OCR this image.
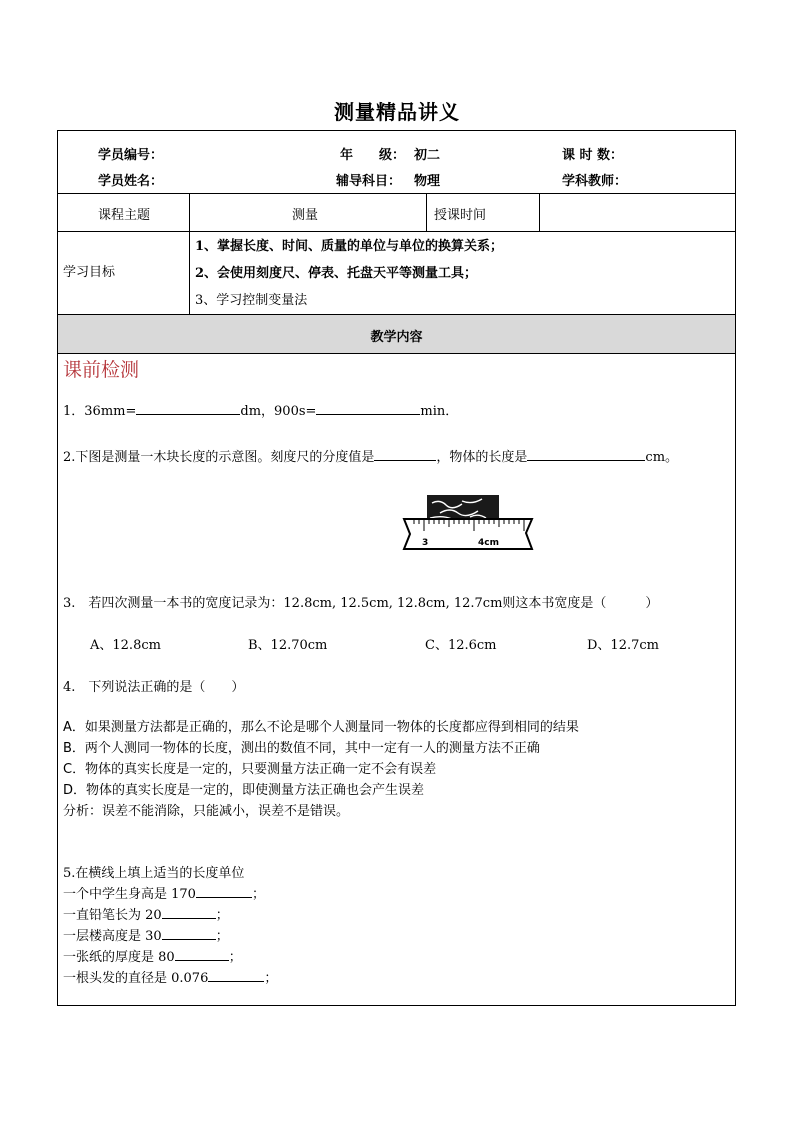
测量精品讲义
学员编号：	年　　级： 初二	课 时 数：
学员姓名：	辅导科目： 物理	学科教师：
课程主题	测量	授课时间
学习目标
1、掌握长度、时间、质量的单位与单位的换算关系；
2、会使用刻度尺、停表、托盘天平等测量工具；
3、学习控制变量法
教学内容
课前检测
1．36mm=	dm，900s=	min．
2.下图是测量一木块长度的示意图。刻度尺的分度值是	，物体的长度是	cm。
3	4cm
3.　若四次测量一本书的宽度记录为：12.8cm, 12.5cm, 12.8cm, 12.7cm则这本书宽度是（　　　）
A、12.8cm	B、12.70cm	C、12.6cm	D、12.7cm
4.　下列说法正确的是（　　）
A．如果测量方法都是正确的，那么不论是哪个人测量同一物体的长度都应得到相同的结果
B．两个人测同一物体的长度，测出的数值不同，其中一定有一人的测量方法不正确
C．物体的真实长度是一定的，只要测量方法正确一定不会有误差
D．物体的真实长度是一定的，即使测量方法正确也会产生误差
分析：误差不能消除，只能减小，误差不是错误。
5.在横线上填上适当的长度单位
一个中学生身高是 170	；
一直铅笔长为 20	；
一层楼高度是 30	；
一张纸的厚度是 80	；
一根头发的直径是 0.076	；
